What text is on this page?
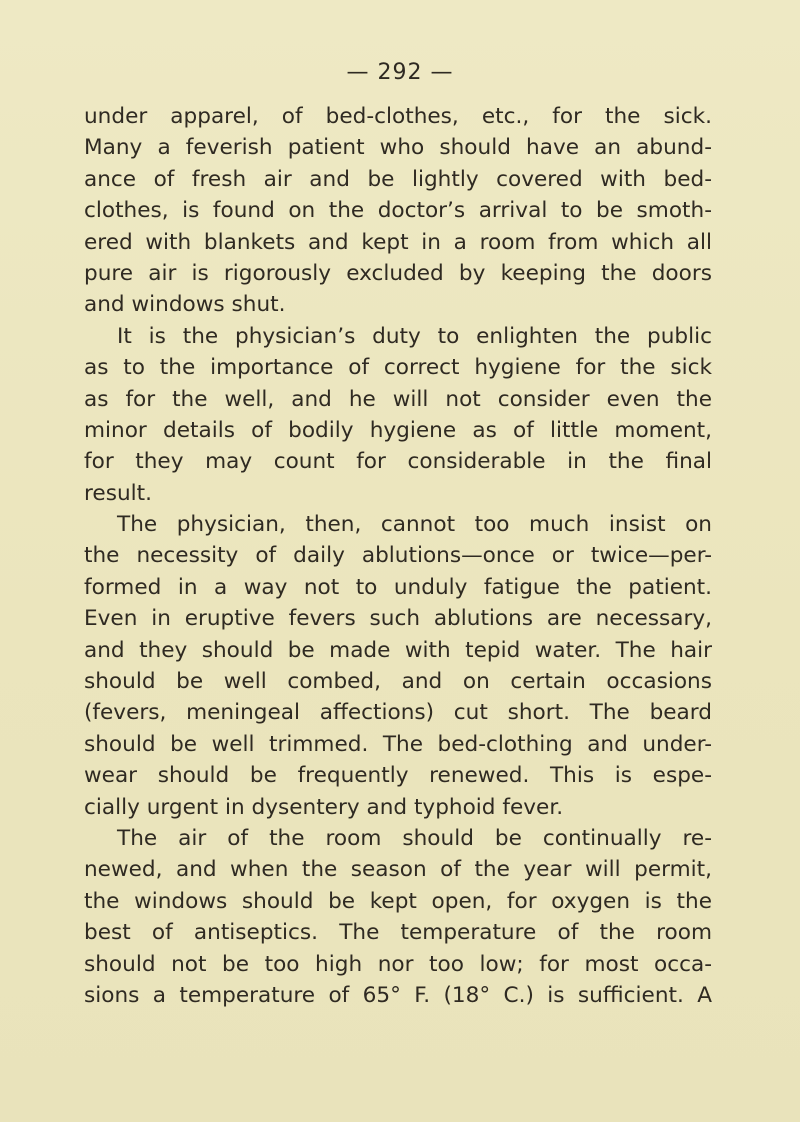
— 292 —
under apparel, of bed-clothes, etc., for the sick.
Many a feverish patient who should have an abund-
ance of fresh air and be lightly covered with bed-
clothes, is found on the doctor’s arrival to be smoth-
ered with blankets and kept in a room from which all
pure air is rigorously excluded by keeping the doors
and windows shut.
It is the physician’s duty to enlighten the public
as to the importance of correct hygiene for the sick
as for the well, and he will not consider even the
minor details of bodily hygiene as of little moment,
for they may count for considerable in the final
result.
The physician, then, cannot too much insist on
the necessity of daily ablutions—once or twice—per-
formed in a way not to unduly fatigue the patient.
Even in eruptive fevers such ablutions are necessary,
and they should be made with tepid water. The hair
should be well combed, and on certain occasions
(fevers, meningeal affections) cut short. The beard
should be well trimmed. The bed-clothing and under-
wear should be frequently renewed. This is espe-
cially urgent in dysentery and typhoid fever.
The air of the room should be continually re-
newed, and when the season of the year will permit,
the windows should be kept open, for oxygen is the
best of antiseptics. The temperature of the room
should not be too high nor too low; for most occa-
sions a temperature of 65° F. (18° C.) is sufficient. A
